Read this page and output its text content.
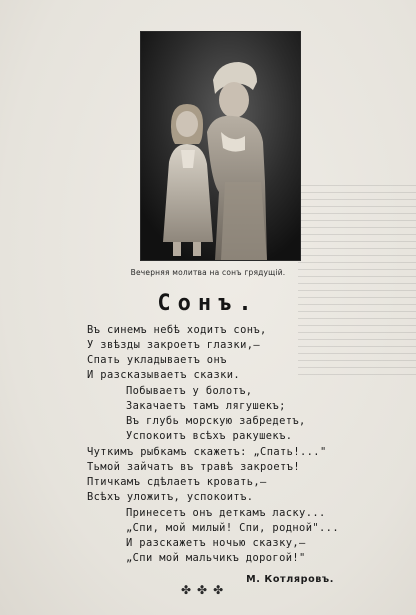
Вечерняя молитва на сонъ грядущій.
Сонъ.
Въ синемъ небѣ ходитъ сонъ,
У звѣзды закроетъ глазки,—
Спать укладываетъ онъ
И разсказываетъ сказки.
Побываетъ у болотъ,
Закачаетъ тамъ лягушекъ;
Въ глубь морскую забредетъ,
Успокоитъ всѣхъ ракушекъ.
Чуткимъ рыбкамъ скажетъ: „Спать!..."
Тьмой зайчатъ въ травѣ закроетъ!
Птичкамъ сдѣлаетъ кровать,—
Всѣхъ уложитъ, успокоитъ.
Принесетъ онъ деткамъ ласку...
„Спи, мой милый! Спи, родной"...
И разскажетъ ночью сказку,—
„Спи мой мальчикъ дорогой!"
М. Котляровъ.
✤✤✤
